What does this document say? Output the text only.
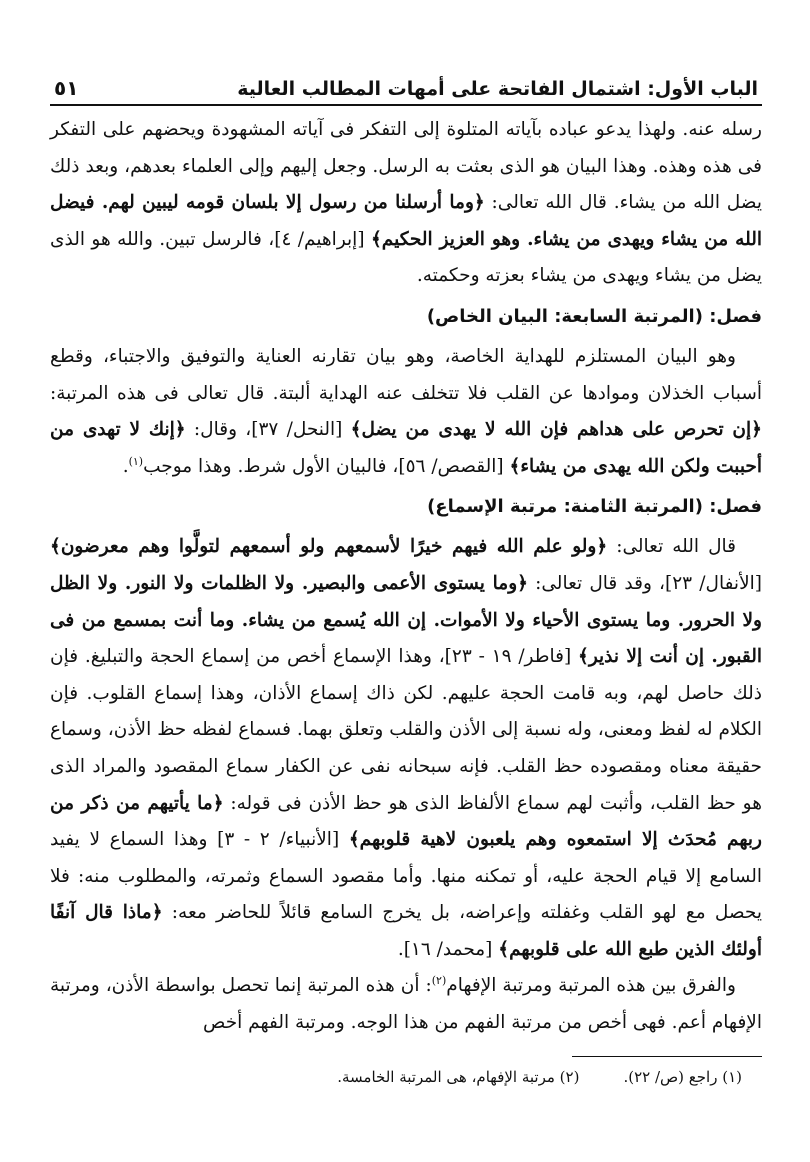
الباب الأول: اشتمال الفاتحة على أمهات المطالب العالية
٥١

رسله عنه. ولهذا يدعو عباده بآياته المتلوة إلى التفكر فى آياته المشهودة ويحضهم على التفكر فى هذه وهذه. وهذا البيان هو الذى بعثت به الرسل. وجعل إليهم وإلى العلماء بعدهم، وبعد ذلك يضل الله من يشاء. قال الله تعالى: ﴿وما أرسلنا من رسول إلا بلسان قومه ليبين لهم. فيضل الله من يشاء ويهدى من يشاء. وهو العزيز الحكيم﴾ [إبراهيم/ ٤]، فالرسل تبين. والله هو الذى يضل من يشاء ويهدى من يشاء بعزته وحكمته.

فصل: (المرتبة السابعة: البيان الخاص)

وهو البيان المستلزم للهداية الخاصة، وهو بيان تقارنه العناية والتوفيق والاجتباء، وقطع أسباب الخذلان وموادها عن القلب فلا تتخلف عنه الهداية ألبتة. قال تعالى فى هذه المرتبة: ﴿إن تحرص على هداهم فإن الله لا يهدى من يضل﴾ [النحل/ ٣٧]، وقال: ﴿إنك لا تهدى من أحببت ولكن الله يهدى من يشاء﴾ [القصص/ ٥٦]، فالبيان الأول شرط. وهذا موجب$^{(١)}$.

فصل: (المرتبة الثامنة: مرتبة الإسماع)

قال الله تعالى: ﴿ولو علم الله فيهم خيرًا لأسمعهم ولو أسمعهم لتولَّوا وهم معرضون﴾ [الأنفال/ ٢٣]، وقد قال تعالى: ﴿وما يستوى الأعمى والبصير. ولا الظلمات ولا النور. ولا الظل ولا الحرور. وما يستوى الأحياء ولا الأموات. إن الله يُسمع من يشاء. وما أنت بمسمع من فى القبور. إن أنت إلا نذير﴾ [فاطر/ ١٩ - ٢٣]، وهذا الإسماع أخص من إسماع الحجة والتبليغ. فإن ذلك حاصل لهم، وبه قامت الحجة عليهم. لكن ذاك إسماع الأذان، وهذا إسماع القلوب. فإن الكلام له لفظ ومعنى، وله نسبة إلى الأذن والقلب وتعلق بهما. فسماع لفظه حظ الأذن، وسماع حقيقة معناه ومقصوده حظ القلب. فإنه سبحانه نفى عن الكفار سماع المقصود والمراد الذى هو حظ القلب، وأثبت لهم سماع الألفاظ الذى هو حظ الأذن فى قوله: ﴿ما يأتيهم من ذكر من ربهم مُحدَث إلا استمعوه وهم يلعبون لاهية قلوبهم﴾ [الأنبياء/ ٢ - ٣] وهذا السماع لا يفيد السامع إلا قيام الحجة عليه، أو تمكنه منها. وأما مقصود السماع وثمرته، والمطلوب منه: فلا يحصل مع لهو القلب وغفلته وإعراضه، بل يخرج السامع قائلاً للحاضر معه: ﴿ماذا قال آنفًا أولئك الذين طبع الله على قلوبهم﴾ [محمد/ ١٦].

والفرق بين هذه المرتبة ومرتبة الإفهام$^{(٢)}$: أن هذه المرتبة إنما تحصل بواسطة الأذن، ومرتبة الإفهام أعم. فهى أخص من مرتبة الفهم من هذا الوجه. ومرتبة الفهم أخص

(١) راجع (ص/ ٢٢).
(٢) مرتبة الإفهام، هى المرتبة الخامسة.
